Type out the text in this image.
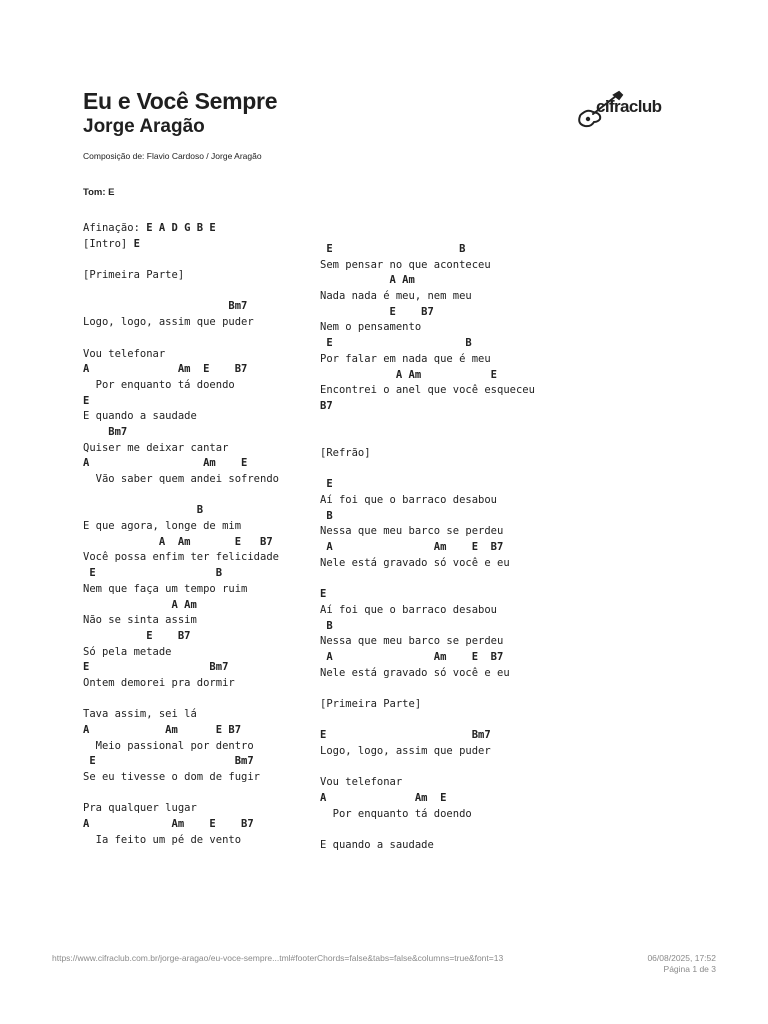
Eu e Você Sempre
Jorge Aragão
Composição de: Flavio Cardoso / Jorge Aragão
Tom: E
cifraclub
Afinação: E A D G B E
[Intro] E
[Primeira Parte]
Bm7
Logo, logo, assim que puder
Vou telefonar
A              Am  E    B7
Por enquanto tá doendo
E
E quando a saudade
Bm7
Quiser me deixar cantar
A                  Am    E
Vão saber quem andei sofrendo
B
E que agora, longe de mim
A  Am       E   B7
Você possa enfim ter felicidade
E                   B
Nem que faça um tempo ruim
A Am
Não se sinta assim
E    B7
Só pela metade
E                   Bm7
Ontem demorei pra dormir
Tava assim, sei lá
A            Am      E B7
Meio passional por dentro
E                      Bm7
Se eu tivesse o dom de fugir
Pra qualquer lugar
A             Am    E    B7
Ia feito um pé de vento
E                    B
Sem pensar no que aconteceu
A Am
Nada nada é meu, nem meu
E    B7
Nem o pensamento
E                     B
Por falar em nada que é meu
A Am           E
Encontrei o anel que você esqueceu
B7
[Refrão]
E
Aí foi que o barraco desabou
B
Nessa que meu barco se perdeu
A                Am    E  B7
Nele está gravado só você e eu
E
Aí foi que o barraco desabou
B
Nessa que meu barco se perdeu
A                Am    E  B7
Nele está gravado só você e eu
[Primeira Parte]
E                       Bm7
Logo, logo, assim que puder
Vou telefonar
A              Am  E
Por enquanto tá doendo
E quando a saudade
https://www.cifraclub.com.br/jorge-aragao/eu-voce-sempre...tml#footerChords=false&tabs=false&columns=true&font=13	06/08/2025, 17:52
Página 1 de 3
